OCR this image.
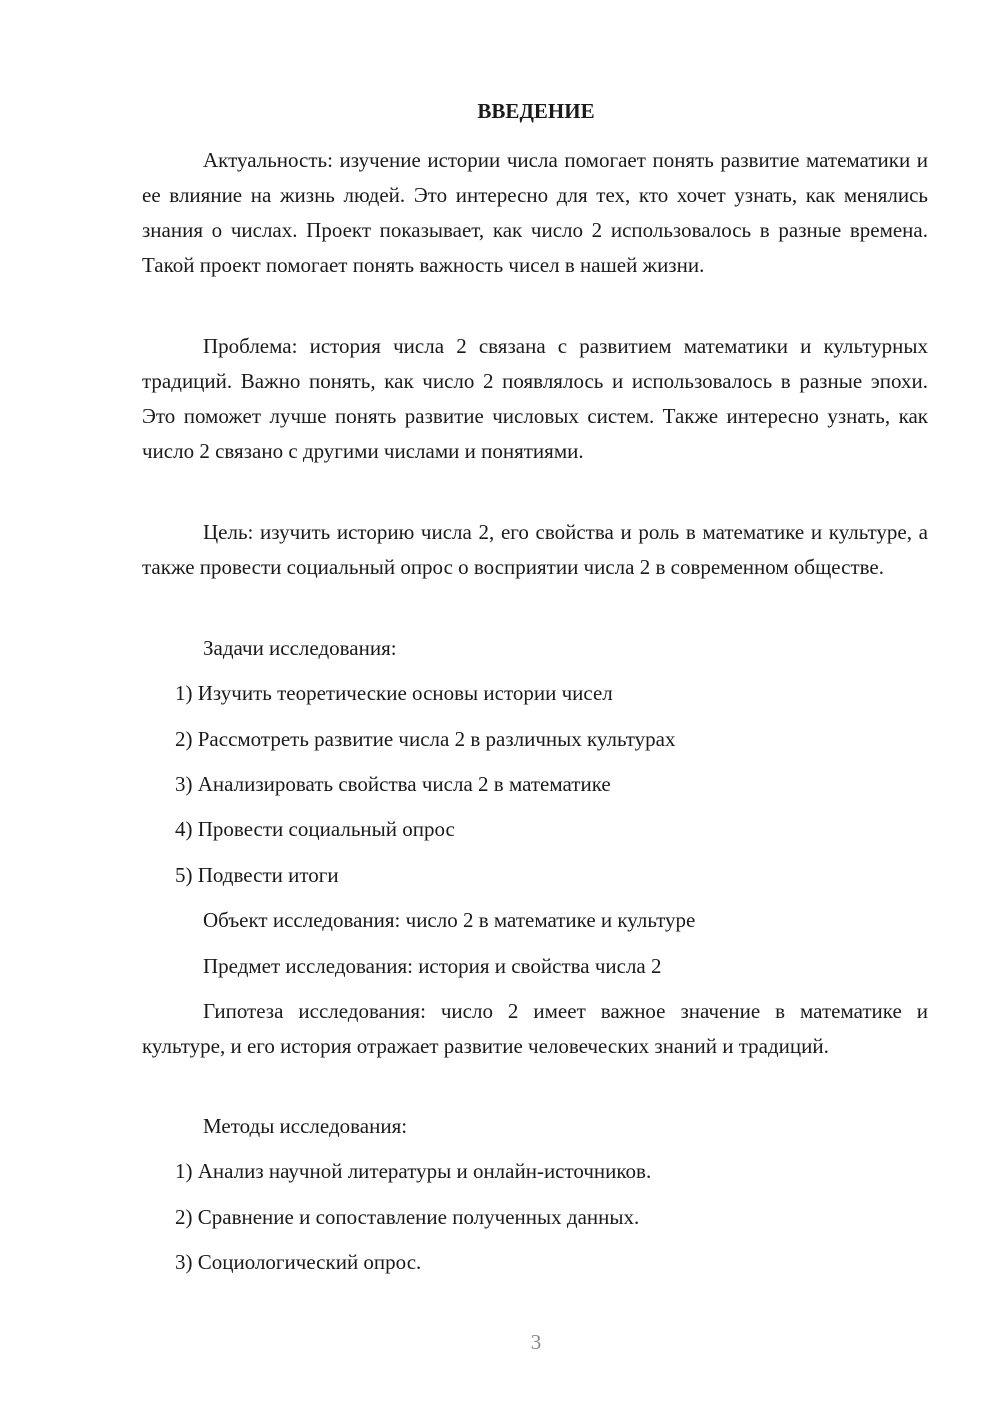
ВВЕДЕНИЕ

Актуальность: изучение истории числа помогает понять развитие математики и ее влияние на жизнь людей. Это интересно для тех, кто хочет узнать, как менялись знания о числах. Проект показывает, как число 2 использовалось в разные времена. Такой проект помогает понять важность чисел в нашей жизни.

Проблема: история числа 2 связана с развитием математики и культурных традиций. Важно понять, как число 2 появлялось и использовалось в разные эпохи. Это поможет лучше понять развитие числовых систем. Также интересно узнать, как число 2 связано с другими числами и понятиями.

Цель: изучить историю числа 2, его свойства и роль в математике и культуре, а также провести социальный опрос о восприятии числа 2 в современном обществе.

Задачи исследования:

1) Изучить теоретические основы истории чисел

2) Рассмотреть развитие числа 2 в различных культурах

3) Анализировать свойства числа 2 в математике

4) Провести социальный опрос

5) Подвести итоги

Объект исследования: число 2 в математике и культуре

Предмет исследования: история и свойства числа 2

Гипотеза исследования: число 2 имеет важное значение в математике и культуре, и его история отражает развитие человеческих знаний и традиций.

Методы исследования:

1) Анализ научной литературы и онлайн-источников.

2) Сравнение и сопоставление полученных данных.

3) Социологический опрос.

3
